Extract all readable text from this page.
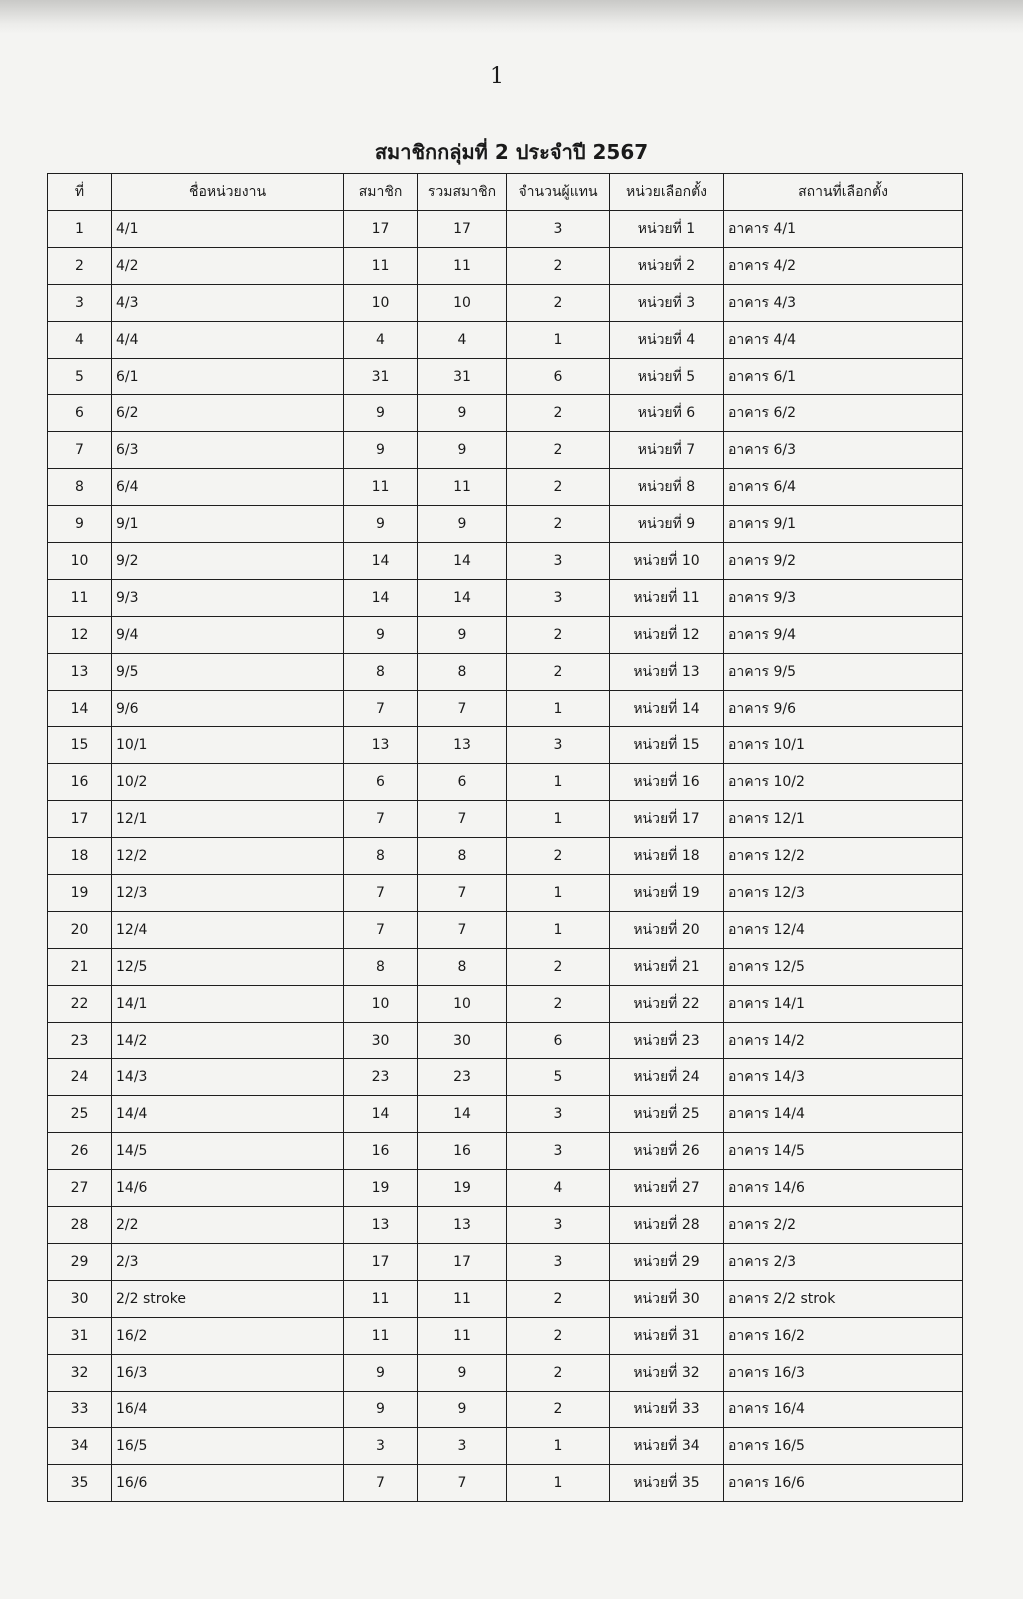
1
สมาชิกกลุ่มที่ 2 ประจำปี 2567
ที่	ชื่อหน่วยงาน	สมาชิก	รวมสมาชิก	จำนวนผู้แทน	หน่วยเลือกตั้ง	สถานที่เลือกตั้ง
1	4/1	17	17	3	หน่วยที่ 1	อาคาร 4/1
2	4/2	11	11	2	หน่วยที่ 2	อาคาร 4/2
3	4/3	10	10	2	หน่วยที่ 3	อาคาร 4/3
4	4/4	4	4	1	หน่วยที่ 4	อาคาร 4/4
5	6/1	31	31	6	หน่วยที่ 5	อาคาร 6/1
6	6/2	9	9	2	หน่วยที่ 6	อาคาร 6/2
7	6/3	9	9	2	หน่วยที่ 7	อาคาร 6/3
8	6/4	11	11	2	หน่วยที่ 8	อาคาร 6/4
9	9/1	9	9	2	หน่วยที่ 9	อาคาร 9/1
10	9/2	14	14	3	หน่วยที่ 10	อาคาร 9/2
11	9/3	14	14	3	หน่วยที่ 11	อาคาร 9/3
12	9/4	9	9	2	หน่วยที่ 12	อาคาร 9/4
13	9/5	8	8	2	หน่วยที่ 13	อาคาร 9/5
14	9/6	7	7	1	หน่วยที่ 14	อาคาร 9/6
15	10/1	13	13	3	หน่วยที่ 15	อาคาร 10/1
16	10/2	6	6	1	หน่วยที่ 16	อาคาร 10/2
17	12/1	7	7	1	หน่วยที่ 17	อาคาร 12/1
18	12/2	8	8	2	หน่วยที่ 18	อาคาร 12/2
19	12/3	7	7	1	หน่วยที่ 19	อาคาร 12/3
20	12/4	7	7	1	หน่วยที่ 20	อาคาร 12/4
21	12/5	8	8	2	หน่วยที่ 21	อาคาร 12/5
22	14/1	10	10	2	หน่วยที่ 22	อาคาร 14/1
23	14/2	30	30	6	หน่วยที่ 23	อาคาร 14/2
24	14/3	23	23	5	หน่วยที่ 24	อาคาร 14/3
25	14/4	14	14	3	หน่วยที่ 25	อาคาร 14/4
26	14/5	16	16	3	หน่วยที่ 26	อาคาร 14/5
27	14/6	19	19	4	หน่วยที่ 27	อาคาร 14/6
28	2/2	13	13	3	หน่วยที่ 28	อาคาร 2/2
29	2/3	17	17	3	หน่วยที่ 29	อาคาร 2/3
30	2/2 stroke	11	11	2	หน่วยที่ 30	อาคาร 2/2 strok
31	16/2	11	11	2	หน่วยที่ 31	อาคาร 16/2
32	16/3	9	9	2	หน่วยที่ 32	อาคาร 16/3
33	16/4	9	9	2	หน่วยที่ 33	อาคาร 16/4
34	16/5	3	3	1	หน่วยที่ 34	อาคาร 16/5
35	16/6	7	7	1	หน่วยที่ 35	อาคาร 16/6
